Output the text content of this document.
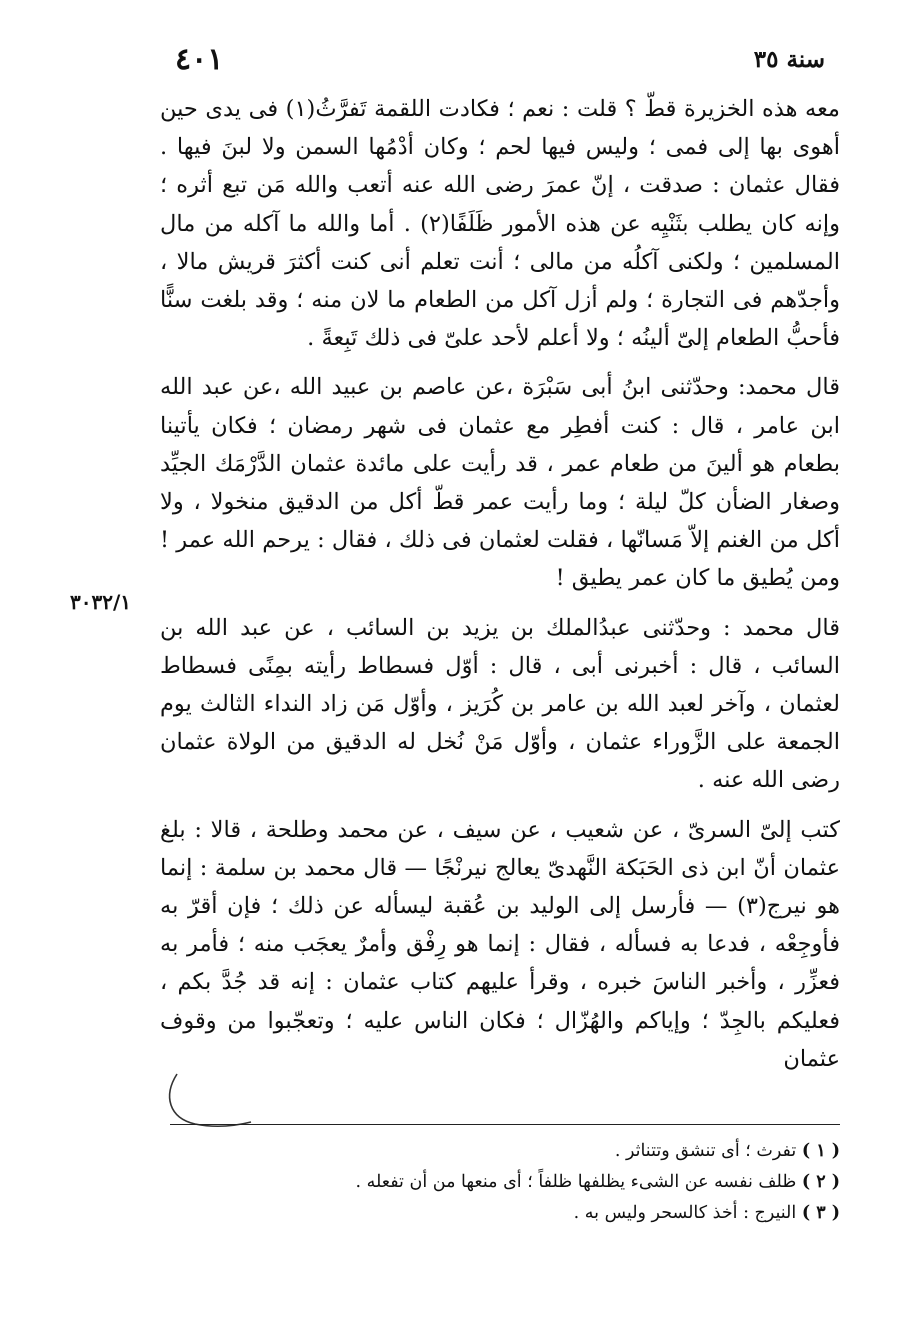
سنة ٣٥
٤٠١

معه هذه الخزيرة قطّ ؟ قلت : نعم ؛ فكادت اللقمة تَفرَّثُ(١) فى يدى حين أهوى بها إلى فمى ؛ وليس فيها لحم ؛ وكان أدْمُها السمن ولا لبنَ فيها . فقال عثمان : صدقت ، إنّ عمرَ رضى الله عنه أتعب والله مَن تبع أثره ؛ وإنه كان يطلب بثَنْيِه عن هذه الأمور ظَلَفًا(٢) . أما والله ما آكله من مال المسلمين ؛ ولكنى آكلُه من مالى ؛ أنت تعلم أنى كنت أكثرَ قريش مالا ، وأجدّهم فى التجارة ؛ ولم أزل آكل من الطعام ما لان منه ؛ وقد بلغت سنًّا فأحبُّ الطعام إلىّ ألينُه ؛ ولا أعلم لأحد علىّ فى ذلك تَبِعةً .

قال محمد: وحدّثنى ابنُ أبى سَبْرَة ،عن عاصم بن عبيد الله ،عن عبد الله ابن عامر ، قال : كنت أفطِر مع عثمان فى شهر رمضان ؛ فكان يأتينا بطعام هو ألينَ من طعام عمر ، قد رأيت على مائدة عثمان الدَّرْمَك الجيِّد وصغار الضأن كلّ ليلة ؛ وما رأيت عمر قطّ أكل من الدقيق منخولا ، ولا أكل من الغنم إلاّ مَسانّها ، فقلت لعثمان فى ذلك ، فقال : يرحم الله عمر ! ومن يُطيق ما كان عمر يطيق !

قال محمد : وحدّثنى عبدُالملك بن يزيد بن السائب ، عن عبد الله بن السائب ، قال : أخبرنى أبى ، قال : أوّل فسطاط رأيته بمِنًى فسطاط لعثمان ، وآخر لعبد الله بن عامر بن كُرَيز ، وأوّل مَن زاد النداء الثالث يوم الجمعة على الزَّوراء عثمان ، وأوّل مَنْ نُخل له الدقيق من الولاة عثمان رضى الله عنه .

كتب إلىّ السرىّ ، عن شعيب ، عن سيف ، عن محمد وطلحة ، قالا : بلغ عثمان أنّ ابن ذى الحَبَكة النَّهدىّ يعالج نيرنْجًا — قال محمد بن سلمة : إنما هو نيرج(٣) — فأرسل إلى الوليد بن عُقبة ليسأله عن ذلك ؛ فإن أقرّ به فأوجِعْه ، فدعا به فسأله ، فقال : إنما هو رِفْق وأمرٌ يعجَب منه ؛ فأمر به فعزِّر ، وأخبر الناسَ خبره ، وقرأ عليهم كتاب عثمان : إنه قد جُدَّ بكم ، فعليكم بالجِدّ ؛ وإياكم والهُزّال ؛ فكان الناس عليه ؛ وتعجّبوا من وقوف عثمان

٣٠٣٢/١
( ١ ) تفرث ؛ أى تنشق وتتناثر .
( ٢ ) ظلف نفسه عن الشىء يظلفها ظلفاً ؛ أى منعها من أن تفعله .
( ٣ ) النيرج : أخذ كالسحر وليس به .
